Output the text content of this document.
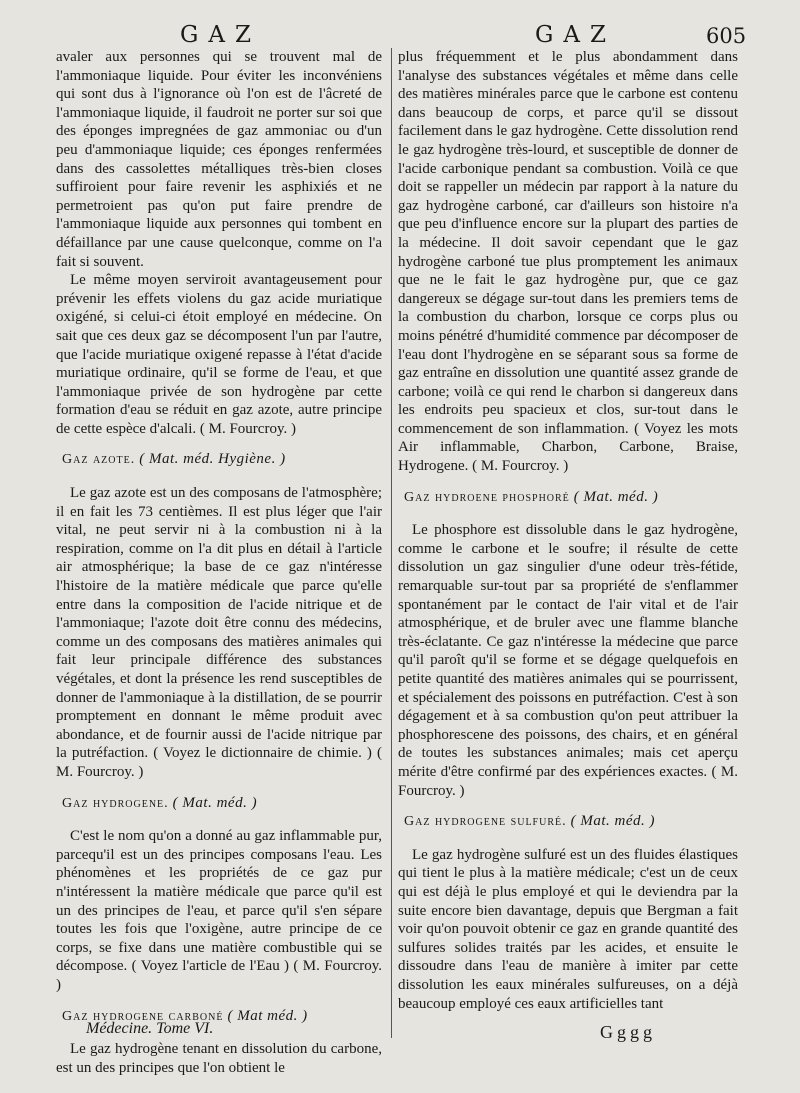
GAZ	GAZ	605

avaler aux personnes qui se trouvent mal de l'ammoniaque liquide. Pour éviter les inconvéniens qui sont dus à l'ignorance où l'on est de l'âcreté de l'ammoniaque liquide, il faudroit ne porter sur soi que des éponges impregnées de gaz ammoniac ou d'un peu d'ammoniaque liquide; ces éponges renfermées dans des cassolettes métalliques très-bien closes suffiroient pour faire revenir les asphixiés et ne permetroient pas qu'on put faire prendre de l'ammoniaque liquide aux personnes qui tombent en défaillance par une cause quelconque, comme on l'a fait si souvent.

Le même moyen serviroit avantageusement pour prévenir les effets violens du gaz acide muriatique oxigéné, si celui-ci étoit employé en médecine. On sait que ces deux gaz se décomposent l'un par l'autre, que l'acide muriatique oxigené repasse à l'état d'acide muriatique ordinaire, qu'il se forme de l'eau, et que l'ammoniaque privée de son hydrogène par cette formation d'eau se réduit en gaz azote, autre principe de cette espèce d'alcali. ( M. Fourcroy. )

Gaz azote. ( Mat. méd. Hygiène. )

Le gaz azote est un des composans de l'atmosphère; il en fait les 73 centièmes. Il est plus léger que l'air vital, ne peut servir ni à la combustion ni à la respiration, comme on l'a dit plus en détail à l'article air atmosphérique; la base de ce gaz n'intéresse l'histoire de la matière médicale que parce qu'elle entre dans la composition de l'acide nitrique et de l'ammoniaque; l'azote doit être connu des médecins, comme un des composans des matières animales qui fait leur principale différence des substances végétales, et dont la présence les rend susceptibles de donner de l'ammoniaque à la distillation, de se pourrir promptement en donnant le même produit avec abondance, et de fournir aussi de l'acide nitrique par la putréfaction. ( Voyez le dictionnaire de chimie. ) ( M. Fourcroy. )

Gaz hydrogene. ( Mat. méd. )

C'est le nom qu'on a donné au gaz inflammable pur, parcequ'il est un des principes composans l'eau. Les phénomènes et les propriétés de ce gaz pur n'intéressent la matière médicale que parce qu'il est un des principes de l'eau, et parce qu'il s'en sépare toutes les fois que l'oxigène, autre principe de ce corps, se fixe dans une matière combustible qui se décompose. ( Voyez l'article de l'Eau ) ( M. Fourcroy. )

Gaz hydrogene carboné ( Mat méd. )

Le gaz hydrogène tenant en dissolution du carbone, est un des principes que l'on obtient le

plus fréquemment et le plus abondamment dans l'analyse des substances végétales et même dans celle des matières minérales parce que le carbone est contenu dans beaucoup de corps, et parce qu'il se dissout facilement dans le gaz hydrogène. Cette dissolution rend le gaz hydrogène très-lourd, et susceptible de donner de l'acide carbonique pendant sa combustion. Voilà ce que doit se rappeller un médecin par rapport à la nature du gaz hydrogène carboné, car d'ailleurs son histoire n'a que peu d'influence encore sur la plupart des parties de la médecine. Il doit savoir cependant que le gaz hydrogène carboné tue plus promptement les animaux que ne le fait le gaz hydrogène pur, que ce gaz dangereux se dégage sur-tout dans les premiers tems de la combustion du charbon, lorsque ce corps plus ou moins pénétré d'humidité commence par décomposer de l'eau dont l'hydrogène en se séparant sous sa forme de gaz entraîne en dissolution une quantité assez grande de carbone; voilà ce qui rend le charbon si dangereux dans les endroits peu spacieux et clos, sur-tout dans le commencement de son inflammation. ( Voyez les mots Air inflammable, Charbon, Carbone, Braise, Hydrogene. ( M. Fourcroy. )

Gaz hydroene phosphoré ( Mat. méd. )

Le phosphore est dissoluble dans le gaz hydrogène, comme le carbone et le soufre; il résulte de cette dissolution un gaz singulier d'une odeur très-fétide, remarquable sur-tout par sa propriété de s'enflammer spontanément par le contact de l'air vital et de l'air atmosphérique, et de bruler avec une flamme blanche très-éclatante. Ce gaz n'intéresse la médecine que parce qu'il paroît qu'il se forme et se dégage quelquefois en petite quantité des matières animales qui se pourrissent, et spécialement des poissons en putréfaction. C'est à son dégagement et à sa combustion qu'on peut attribuer la phosphorescene des poissons, des chairs, et en général de toutes les substances animales; mais cet aperçu mérite d'être confirmé par des expériences exactes. ( M. Fourcroy. )

Gaz hydrogene sulfuré. ( Mat. méd. )

Le gaz hydrogène sulfuré est un des fluides élastiques qui tient le plus à la matière médicale; c'est un de ceux qui est déjà le plus employé et qui le deviendra par la suite encore bien davantage, depuis que Bergman a fait voir qu'on pouvoit obtenir ce gaz en grande quantité des sulfures solides traités par les acides, et ensuite le dissoudre dans l'eau de manière à imiter par cette dissolution les eaux minérales sulfureuses, on a déjà beaucoup employé ces eaux artificielles tant

Médecine. Tome VI.	Gggg
